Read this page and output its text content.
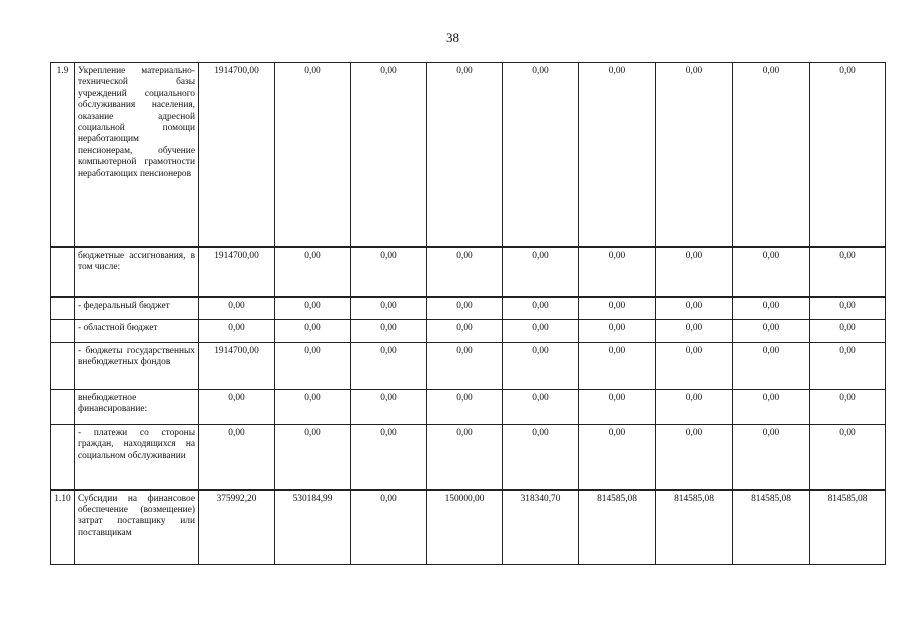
38
1.9	Укрепление материально-технической базы учреждений социального обслуживания населения, оказание адресной социальной помощи неработающим пенсионерам, обучение компьютерной грамотности неработающих пенсионеров	1914700,00	0,00	0,00	0,00	0,00	0,00	0,00	0,00	0,00
	бюджетные ассигнования, в том числе:	1914700,00	0,00	0,00	0,00	0,00	0,00	0,00	0,00	0,00
	- федеральный бюджет	0,00	0,00	0,00	0,00	0,00	0,00	0,00	0,00	0,00
	- областной бюджет	0,00	0,00	0,00	0,00	0,00	0,00	0,00	0,00	0,00
	- бюджеты государственных внебюджетных фондов	1914700,00	0,00	0,00	0,00	0,00	0,00	0,00	0,00	0,00
	внебюджетное финансирование:	0,00	0,00	0,00	0,00	0,00	0,00	0,00	0,00	0,00
	- платежи со стороны граждан, находящихся на социальном обслуживании	0,00	0,00	0,00	0,00	0,00	0,00	0,00	0,00	0,00
1.10	Субсидии на финансовое обеспечение (возмещение) затрат поставщику или поставщикам	375992,20	530184,99	0,00	150000,00	318340,70	814585,08	814585,08	814585,08	814585,08
